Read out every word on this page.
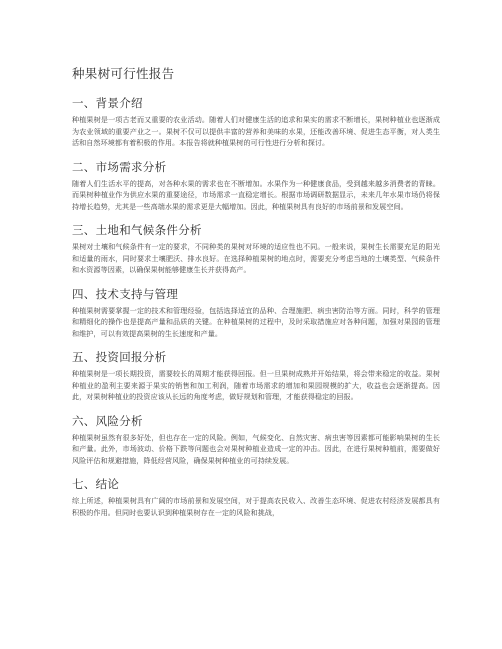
种果树可行性报告
一、背景介绍

种植果树是一项古老而又重要的农业活动。随着人们对健康生活的追求和果实的需求不断增长，果树种植业也逐渐成为农业领域的重要产业之一。果树不仅可以提供丰富的营养和美味的水果，还能改善环境、促进生态平衡，对人类生活和自然环境都有着积极的作用。本报告将就种植果树的可行性进行分析和探讨。

二、市场需求分析

随着人们生活水平的提高，对各种水果的需求也在不断增加。水果作为一种健康食品，受到越来越多消费者的青睐。而果树种植业作为供应水果的重要途径，市场需求一直稳定增长。根据市场调研数据显示，未来几年水果市场仍将保持增长趋势，尤其是一些高端水果的需求更是大幅增加。因此，种植果树具有良好的市场前景和发展空间。

三、土地和气候条件分析

果树对土壤和气候条件有一定的要求，不同种类的果树对环境的适应性也不同。一般来说，果树生长需要充足的阳光和适量的雨水，同时要求土壤肥沃、排水良好。在选择种植果树的地点时，需要充分考虑当地的土壤类型、气候条件和水资源等因素，以确保果树能够健康生长并获得高产。

四、技术支持与管理

种植果树需要掌握一定的技术和管理经验，包括选择适宜的品种、合理施肥、病虫害防治等方面。同时，科学的管理和精细化的操作也是提高产量和品质的关键。在种植果树的过程中，及时采取措施应对各种问题，加强对果园的管理和维护，可以有效提高果树的生长速度和产量。

五、投资回报分析

种植果树是一项长期投资，需要较长的周期才能获得回报。但一旦果树成熟并开始结果，将会带来稳定的收益。果树种植业的盈利主要来源于果实的销售和加工利润，随着市场需求的增加和果园规模的扩大，收益也会逐渐提高。因此，对果树种植业的投资应该从长远的角度考虑，做好规划和管理，才能获得稳定的回报。

六、风险分析

种植果树虽然有很多好处，但也存在一定的风险。例如，气候变化、自然灾害、病虫害等因素都可能影响果树的生长和产量。此外，市场波动、价格下跌等问题也会对果树种植业造成一定的冲击。因此，在进行果树种植前，需要做好风险评估和规避措施，降低经营风险，确保果树种植业的可持续发展。

七、结论

综上所述，种植果树具有广阔的市场前景和发展空间，对于提高农民收入、改善生态环境、促进农村经济发展都具有积极的作用。但同时也要认识到种植果树存在一定的风险和挑战，
